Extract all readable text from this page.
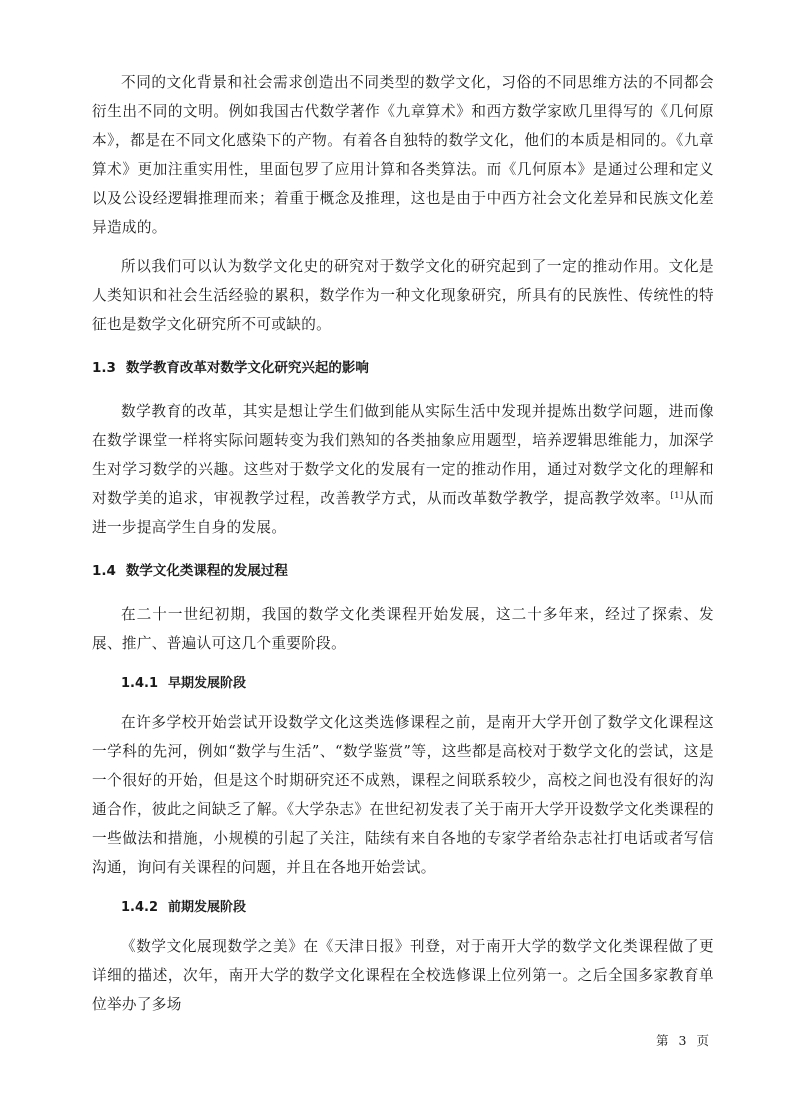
不同的文化背景和社会需求创造出不同类型的数学文化，习俗的不同思维方法的不同都会衍生出不同的文明。例如我国古代数学著作《九章算术》和西方数学家欧几里得写的《几何原本》，都是在不同文化感染下的产物。有着各自独特的数学文化，他们的本质是相同的。《九章算术》更加注重实用性，里面包罗了应用计算和各类算法。而《几何原本》是通过公理和定义以及公设经逻辑推理而来；着重于概念及推理，这也是由于中西方社会文化差异和民族文化差异造成的。

所以我们可以认为数学文化史的研究对于数学文化的研究起到了一定的推动作用。文化是人类知识和社会生活经验的累积，数学作为一种文化现象研究，所具有的民族性、传统性的特征也是数学文化研究所不可或缺的。

1.3 数学教育改革对数学文化研究兴起的影响

数学教育的改革，其实是想让学生们做到能从实际生活中发现并提炼出数学问题，进而像在数学课堂一样将实际问题转变为我们熟知的各类抽象应用题型，培养逻辑思维能力，加深学生对学习数学的兴趣。这些对于数学文化的发展有一定的推动作用，通过对数学文化的理解和对数学美的追求，审视教学过程，改善教学方式，从而改革数学教学，提高教学效率。[1]从而进一步提高学生自身的发展。

1.4 数学文化类课程的发展过程

在二十一世纪初期，我国的数学文化类课程开始发展，这二十多年来，经过了探索、发展、推广、普遍认可这几个重要阶段。

1.4.1 早期发展阶段

在许多学校开始尝试开设数学文化这类选修课程之前，是南开大学开创了数学文化课程这一学科的先河，例如“数学与生活”、“数学鉴赏”等，这些都是高校对于数学文化的尝试，这是一个很好的开始，但是这个时期研究还不成熟，课程之间联系较少，高校之间也没有很好的沟通合作，彼此之间缺乏了解。《大学杂志》在世纪初发表了关于南开大学开设数学文化类课程的一些做法和措施，小规模的引起了关注，陆续有来自各地的专家学者给杂志社打电话或者写信沟通，询问有关课程的问题，并且在各地开始尝试。

1.4.2 前期发展阶段

《数学文化展现数学之美》在《天津日报》刊登，对于南开大学的数学文化类课程做了更详细的描述，次年，南开大学的数学文化课程在全校选修课上位列第一。之后全国多家教育单位举办了多场

第 3 页
